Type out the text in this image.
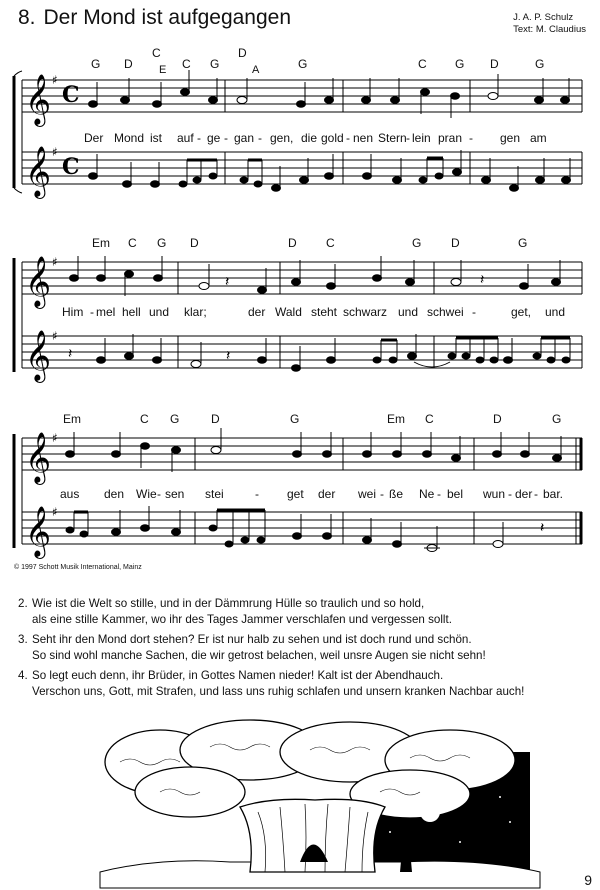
8. Der Mond ist aufgegangen	J. A. P. Schulz
Text: M. Claudius
G D
C
E C G
D
A	G	C G D	G
𝄞
𝄞
♯
♯
C
C
Der Mond ist auf - ge - gan - gen, die gold - nen Stern - lein pran - gen am
Em C G D	D C	G D	G
𝄞
𝄞
♯
♯
𝄽	𝄽
𝄽	𝄽
Him - mel hell und klar;	der Wald steht schwarz und schwei -	get, und
Em	C G	D	G	Em C	D	G
𝄞
𝄞
♯
♯
𝄽
aus den Wie - sen stei	- get der wei - ße Ne - bel wun - der - bar.
© 1997 Schott Musik International, Mainz
2. Wie ist die Welt so stille, und in der Dämmrung Hülle so traulich und so hold,
als eine stille Kammer, wo ihr des Tages Jammer verschlafen und vergessen sollt.
3. Seht ihr den Mond dort stehen? Er ist nur halb zu sehen und ist doch rund und schön.
So sind wohl manche Sachen, die wir getrost belachen, weil unsre Augen sie nicht sehn!
4. So legt euch denn, ihr Brüder, in Gottes Namen nieder! Kalt ist der Abendhauch.
Verschon uns, Gott, mit Strafen, und lass uns ruhig schlafen und unsern kranken Nachbar auch!
9
